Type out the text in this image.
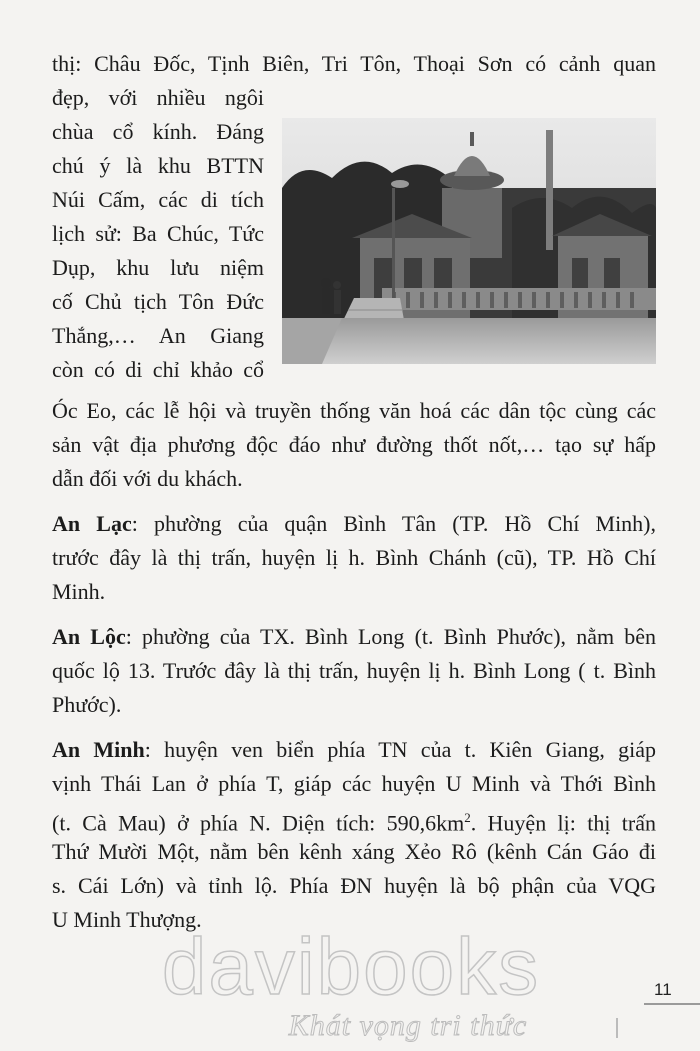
thị: Châu Đốc, Tịnh Biên, Tri Tôn, Thoại Sơn có cảnh quan
đẹp, với nhiều ngôi
chùa cổ kính. Đáng
chú ý là khu BTTN
Núi Cấm, các di tích
lịch sử: Ba Chúc, Tức
Dụp, khu lưu niệm
cố Chủ tịch Tôn Đức
Thắng,… An Giang
còn có di chỉ khảo cổ
Óc Eo, các lễ hội và truyền thống văn hoá các dân tộc cùng các
sản vật địa phương độc đáo như đường thốt nốt,… tạo sự hấp
dẫn đối với du khách.
An Lạc: phường của quận Bình Tân (TP. Hồ Chí Minh),
trước đây là thị trấn, huyện lị h. Bình Chánh (cũ), TP. Hồ Chí
Minh.
An Lộc: phường của TX. Bình Long (t. Bình Phước), nằm bên
quốc lộ 13. Trước đây là thị trấn, huyện lị h. Bình Long ( t. Bình
Phước).
An Minh: huyện ven biển phía TN của t. Kiên Giang, giáp
vịnh Thái Lan ở phía T, giáp các huyện U Minh và Thới Bình
(t. Cà Mau) ở phía N. Diện tích: $590,6km^2$. Huyện lị: thị trấn
Thứ Mười Một, nằm bên kênh xáng Xẻo Rô (kênh Cán Gáo đi
s. Cái Lớn) và tỉnh lộ. Phía ĐN huyện là bộ phận của VQG
U Minh Thượng.
11
davibooks
Khát vọng tri thức
